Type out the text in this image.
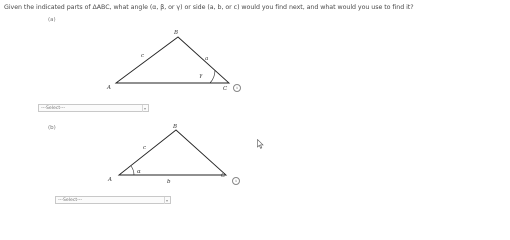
Given the indicated parts of ΔABC, what angle (α, β, or γ) or side (a, b, or c) would you find next, and what would you use to find it?
(a)
A
B
C
c	a
γ
i
---Select---	▾
(b)
A
B
C
c
b
α
i
---Select---	▾
